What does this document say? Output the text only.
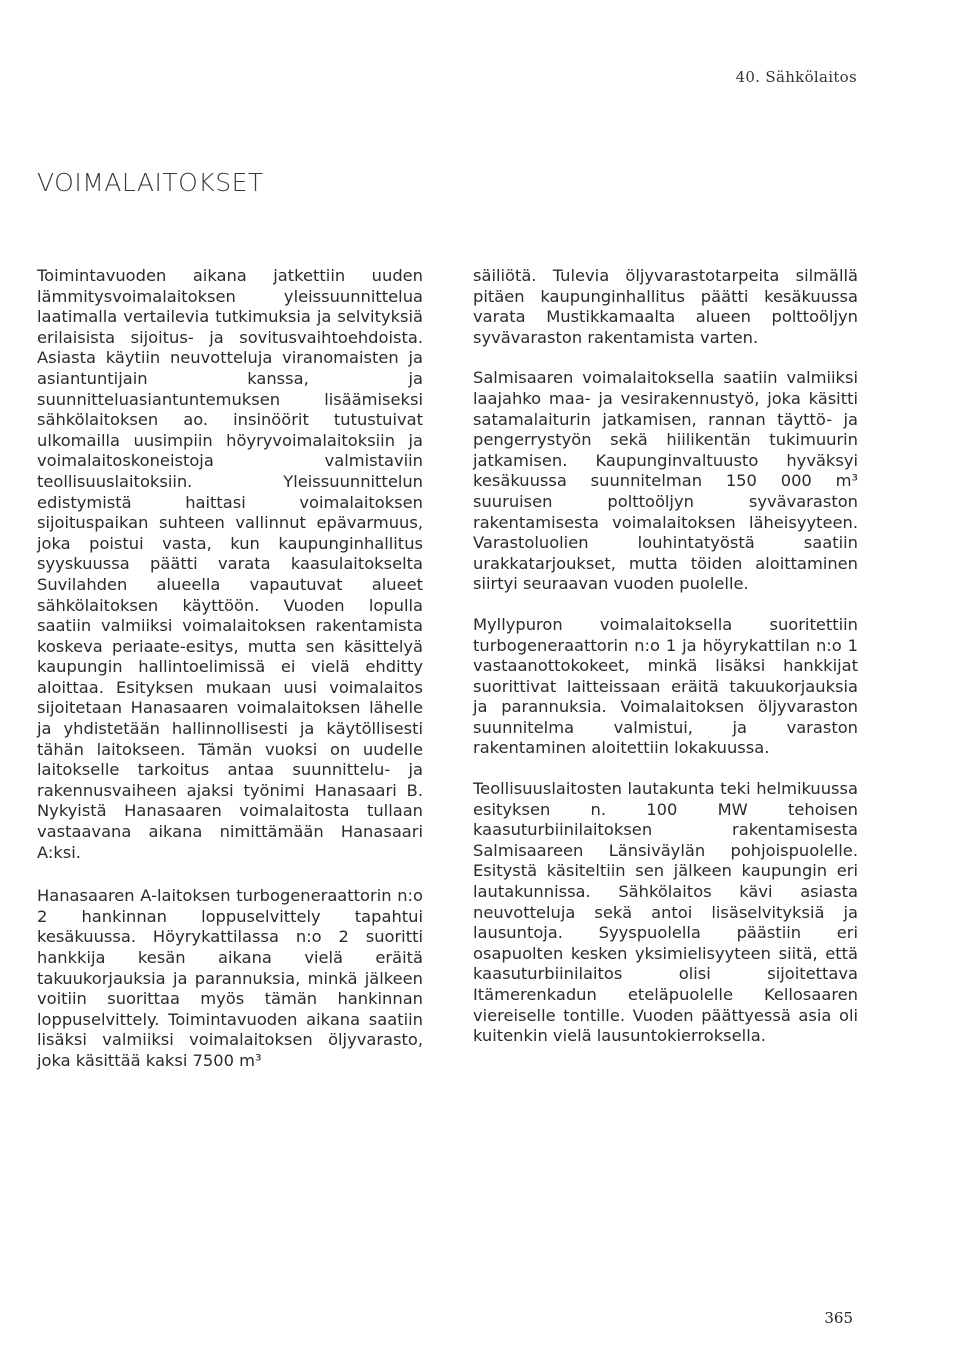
40. Sähkölaitos
VOIMALAITOKSET

Toimintavuoden aikana jatkettiin uuden lämmitysvoimalaitoksen yleissuunnittelua laatimalla vertailevia tutkimuksia ja selvityksiä erilaisista sijoitus- ja sovitusvaihtoehdoista. Asiasta käytiin neuvotteluja viranomaisten ja asiantuntijain kanssa, ja suunnitteluasiantuntemuksen lisäämiseksi sähkölaitoksen ao. insinöörit tutustuivat ulkomailla uusimpiin höyryvoimalaitoksiin ja voimalaitoskoneistoja valmistaviin teollisuuslaitoksiin. Yleissuunnittelun edistymistä haittasi voimalaitoksen sijoituspaikan suhteen vallinnut epävarmuus, joka poistui vasta, kun kaupunginhallitus syyskuussa päätti varata kaasulaitokselta Suvilahden alueella vapautuvat alueet sähkölaitoksen käyttöön. Vuoden lopulla saatiin valmiiksi voimalaitoksen rakentamista koskeva periaate-esitys, mutta sen käsittelyä kaupungin hallintoelimissä ei vielä ehditty aloittaa. Esityksen mukaan uusi voimalaitos sijoitetaan Hanasaaren voimalaitoksen lähelle ja yhdistetään hallinnollisesti ja käytöllisesti tähän laitokseen. Tämän vuoksi on uudelle laitokselle tarkoitus antaa suunnittelu- ja rakennusvaiheen ajaksi työnimi Hanasaari B. Nykyistä Hanasaaren voimalaitosta tullaan vastaavana aikana nimittämään Hanasaari A:ksi.

Hanasaaren A-laitoksen turbogeneraattorin n:o 2 hankinnan loppuselvittely tapahtui kesäkuussa. Höyrykattilassa n:o 2 suoritti hankkija kesän aikana vielä eräitä takuukorjauksia ja parannuksia, minkä jälkeen voitiin suorittaa myös tämän hankinnan loppuselvittely. Toimintavuoden aikana saatiin lisäksi valmiiksi voimalaitoksen öljyvarasto, joka käsittää kaksi 7500 m³

säiliötä. Tulevia öljyvarastotarpeita silmällä pitäen kaupunginhallitus päätti kesäkuussa varata Mustikkamaalta alueen polttoöljyn syvävaraston rakentamista varten.

Salmisaaren voimalaitoksella saatiin valmiiksi laajahko maa- ja vesirakennustyö, joka käsitti satamalaiturin jatkamisen, rannan täyttö- ja pengerrystyön sekä hiilikentän tukimuurin jatkamisen. Kaupunginvaltuusto hyväksyi kesäkuussa suunnitelman 150 000 m³ suuruisen polttoöljyn syvävaraston rakentamisesta voimalaitoksen läheisyyteen. Varastoluolien louhintatyöstä saatiin urakkatarjoukset, mutta töiden aloittaminen siirtyi seuraavan vuoden puolelle.

Myllypuron voimalaitoksella suoritettiin turbogeneraattorin n:o 1 ja höyrykattilan n:o 1 vastaanottokokeet, minkä lisäksi hankkijat suorittivat laitteissaan eräitä takuukorjauksia ja parannuksia. Voimalaitoksen öljyvaraston suunnitelma valmistui, ja varaston rakentaminen aloitettiin lokakuussa.

Teollisuuslaitosten lautakunta teki helmikuussa esityksen n. 100 MW tehoisen kaasuturbiinilaitoksen rakentamisesta Salmisaareen Länsiväylän pohjoispuolelle. Esitystä käsiteltiin sen jälkeen kaupungin eri lautakunnissa. Sähkölaitos kävi asiasta neuvotteluja sekä antoi lisäselvityksiä ja lausuntoja. Syyspuolella päästiin eri osapuolten kesken yksimielisyyteen siitä, että kaasuturbiinilaitos olisi sijoitettava Itämerenkadun eteläpuolelle Kellosaaren viereiselle tontille. Vuoden päättyessä asia oli kuitenkin vielä lausuntokierroksella.

365
